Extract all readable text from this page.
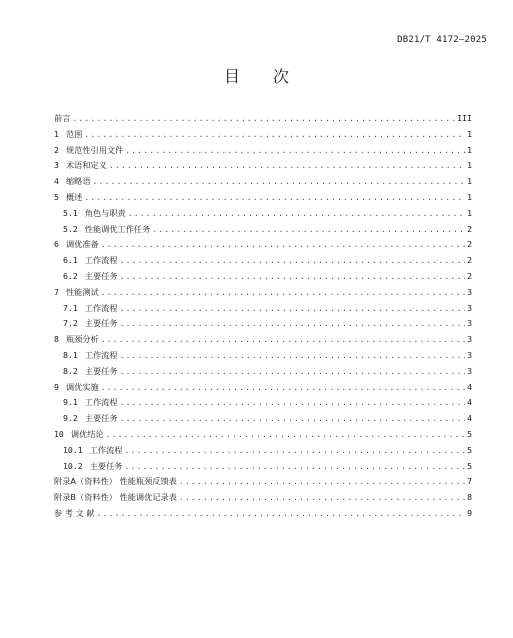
DB21/T 4172—2025
目 次
前言 .....	III
1 范围 .....	1
2 规范性引用文件 .....	1
3 术语和定义 .....	1
4 缩略语 .....	1
5 概述 .....	1
5.1 角色与职责 .....	1
5.2 性能调优工作任务 .....	2
6 调优准备 .....	2
6.1 工作流程 .....	2
6.2 主要任务 .....	2
7 性能测试 .....	3
7.1 工作流程 .....	3
7.2 主要任务 .....	3
8 瓶颈分析 .....	3
8.1 工作流程 .....	3
8.2 主要任务 .....	3
9 调优实施 .....	4
9.1 工作流程 .....	4
9.2 主要任务 .....	4
10 调优结论 .....	5
10.1 工作流程 .....	5
10.2 主要任务 .....	5
附录A（资料性） 性能瓶颈反馈表 .....	7
附录B（资料性） 性能调优记录表 .....	8
参 考 文 献 .....	9
